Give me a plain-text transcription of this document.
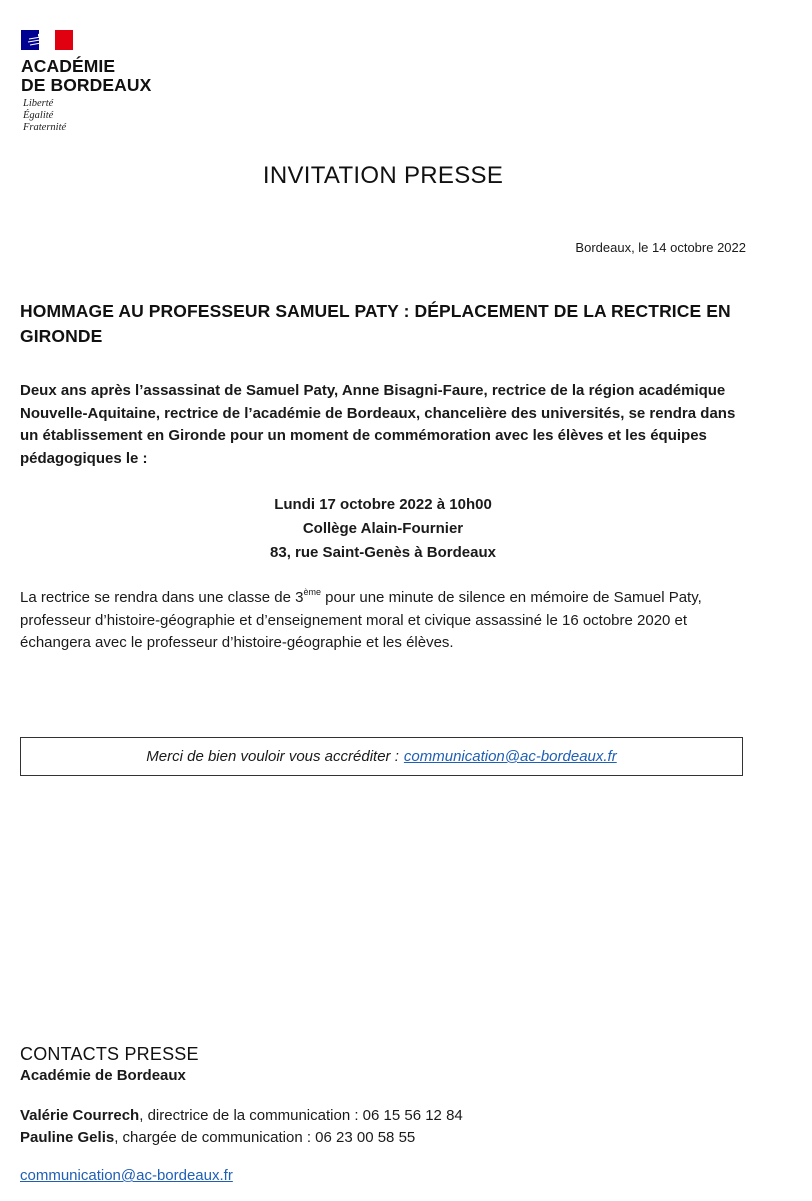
ACADÉMIE
DE BORDEAUX
Liberté
Égalité
Fraternité
INVITATION PRESSE
Bordeaux, le 14 octobre 2022
HOMMAGE AU PROFESSEUR SAMUEL PATY : DÉPLACEMENT DE LA RECTRICE EN GIRONDE
Deux ans après l’assassinat de Samuel Paty, Anne Bisagni-Faure, rectrice de la région académique Nouvelle-Aquitaine, rectrice de l’académie de Bordeaux, chancelière des universités, se rendra dans un établissement en Gironde pour un moment de commémoration avec les élèves et les équipes pédagogiques le :
Lundi 17 octobre 2022 à 10h00
Collège Alain-Fournier
83, rue Saint-Genès à Bordeaux
La rectrice se rendra dans une classe de 3ème pour une minute de silence en mémoire de Samuel Paty, professeur d’histoire-géographie et d’enseignement moral et civique assassiné le 16 octobre 2020 et échangera avec le professeur d’histoire-géographie et les élèves.
Merci de bien vouloir vous accréditer : communication@ac-bordeaux.fr
CONTACTS PRESSE
Académie de Bordeaux
Valérie Courrech, directrice de la communication : 06 15 56 12 84
Pauline Gelis, chargée de communication : 06 23 00 58 55
communication@ac-bordeaux.fr
